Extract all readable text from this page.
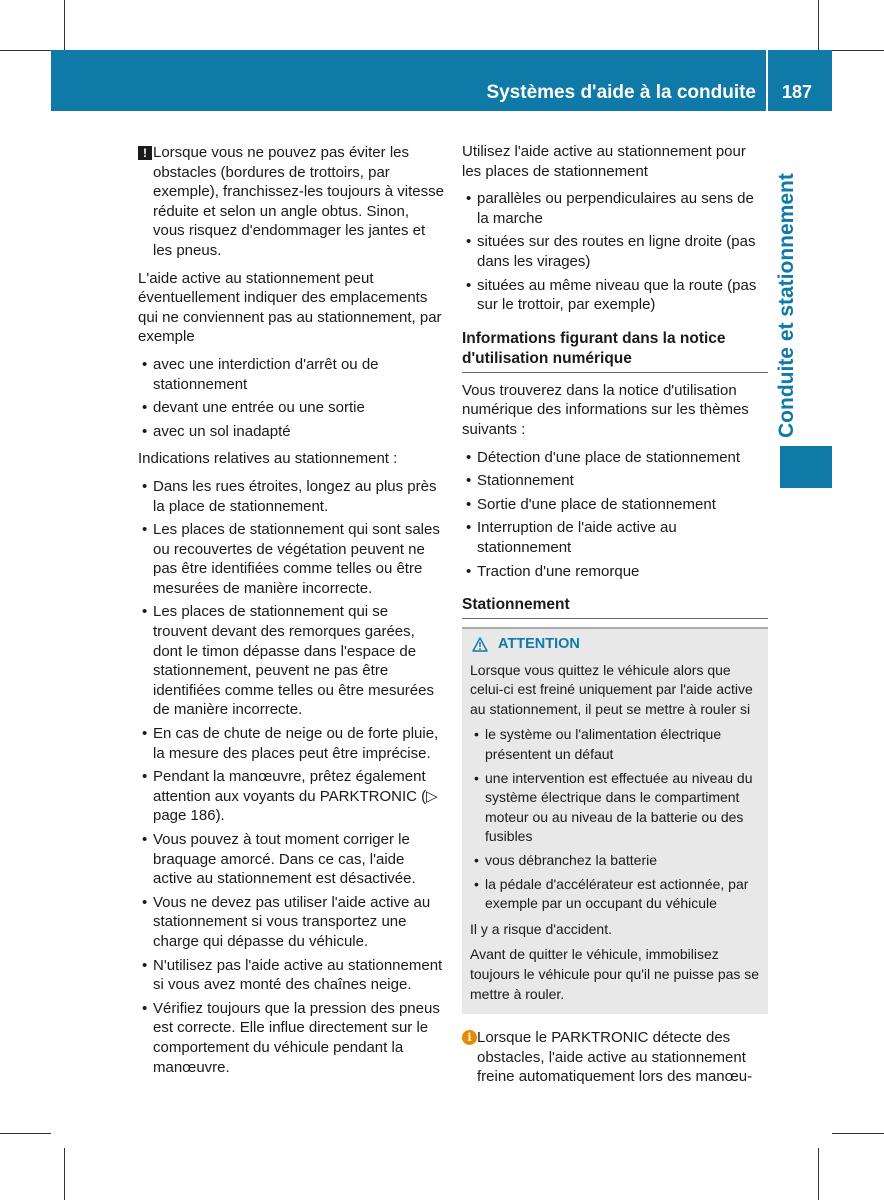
Systèmes d'aide à la conduite 187
Conduite et stationnement
! Lorsque vous ne pouvez pas éviter les obstacles (bordures de trottoirs, par exemple), franchissez-les toujours à vitesse réduite et selon un angle obtus. Sinon, vous risquez d'endommager les jantes et les pneus.

L'aide active au stationnement peut éventuellement indiquer des emplacements qui ne conviennent pas au stationnement, par exemple

• avec une interdiction d'arrêt ou de stationnement
• devant une entrée ou une sortie
• avec un sol inadapté

Indications relatives au stationnement :

• Dans les rues étroites, longez au plus près la place de stationnement.
• Les places de stationnement qui sont sales ou recouvertes de végétation peuvent ne pas être identifiées comme telles ou être mesurées de manière incorrecte.
• Les places de stationnement qui se trouvent devant des remorques garées, dont le timon dépasse dans l'espace de stationnement, peuvent ne pas être identifiées comme telles ou être mesurées de manière incorrecte.
• En cas de chute de neige ou de forte pluie, la mesure des places peut être imprécise.
• Pendant la manœuvre, prêtez également attention aux voyants du PARKTRONIC (▷ page 186).
• Vous pouvez à tout moment corriger le braquage amorcé. Dans ce cas, l'aide active au stationnement est désactivée.
• Vous ne devez pas utiliser l'aide active au stationnement si vous transportez une charge qui dépasse du véhicule.
• N'utilisez pas l'aide active au stationnement si vous avez monté des chaînes neige.
• Vérifiez toujours que la pression des pneus est correcte. Elle influe directement sur le comportement du véhicule pendant la manœuvre.

Utilisez l'aide active au stationnement pour les places de stationnement

• parallèles ou perpendiculaires au sens de la marche
• situées sur des routes en ligne droite (pas dans les virages)
• situées au même niveau que la route (pas sur le trottoir, par exemple)
Informations figurant dans la notice d'utilisation numérique

Vous trouverez dans la notice d'utilisation numérique des informations sur les thèmes suivants :

• Détection d'une place de stationnement
• Stationnement
• Sortie d'une place de stationnement
• Interruption de l'aide active au stationnement
• Traction d'une remorque
Stationnement
ATTENTION

Lorsque vous quittez le véhicule alors que celui-ci est freiné uniquement par l'aide active au stationnement, il peut se mettre à rouler si

• le système ou l'alimentation électrique présentent un défaut
• une intervention est effectuée au niveau du système électrique dans le compartiment moteur ou au niveau de la batterie ou des fusibles
• vous débranchez la batterie
• la pédale d'accélérateur est actionnée, par exemple par un occupant du véhicule

Il y a risque d'accident.

Avant de quitter le véhicule, immobilisez toujours le véhicule pour qu'il ne puisse pas se mettre à rouler.

i Lorsque le PARKTRONIC détecte des obstacles, l'aide active au stationnement freine automatiquement lors des manœu-
